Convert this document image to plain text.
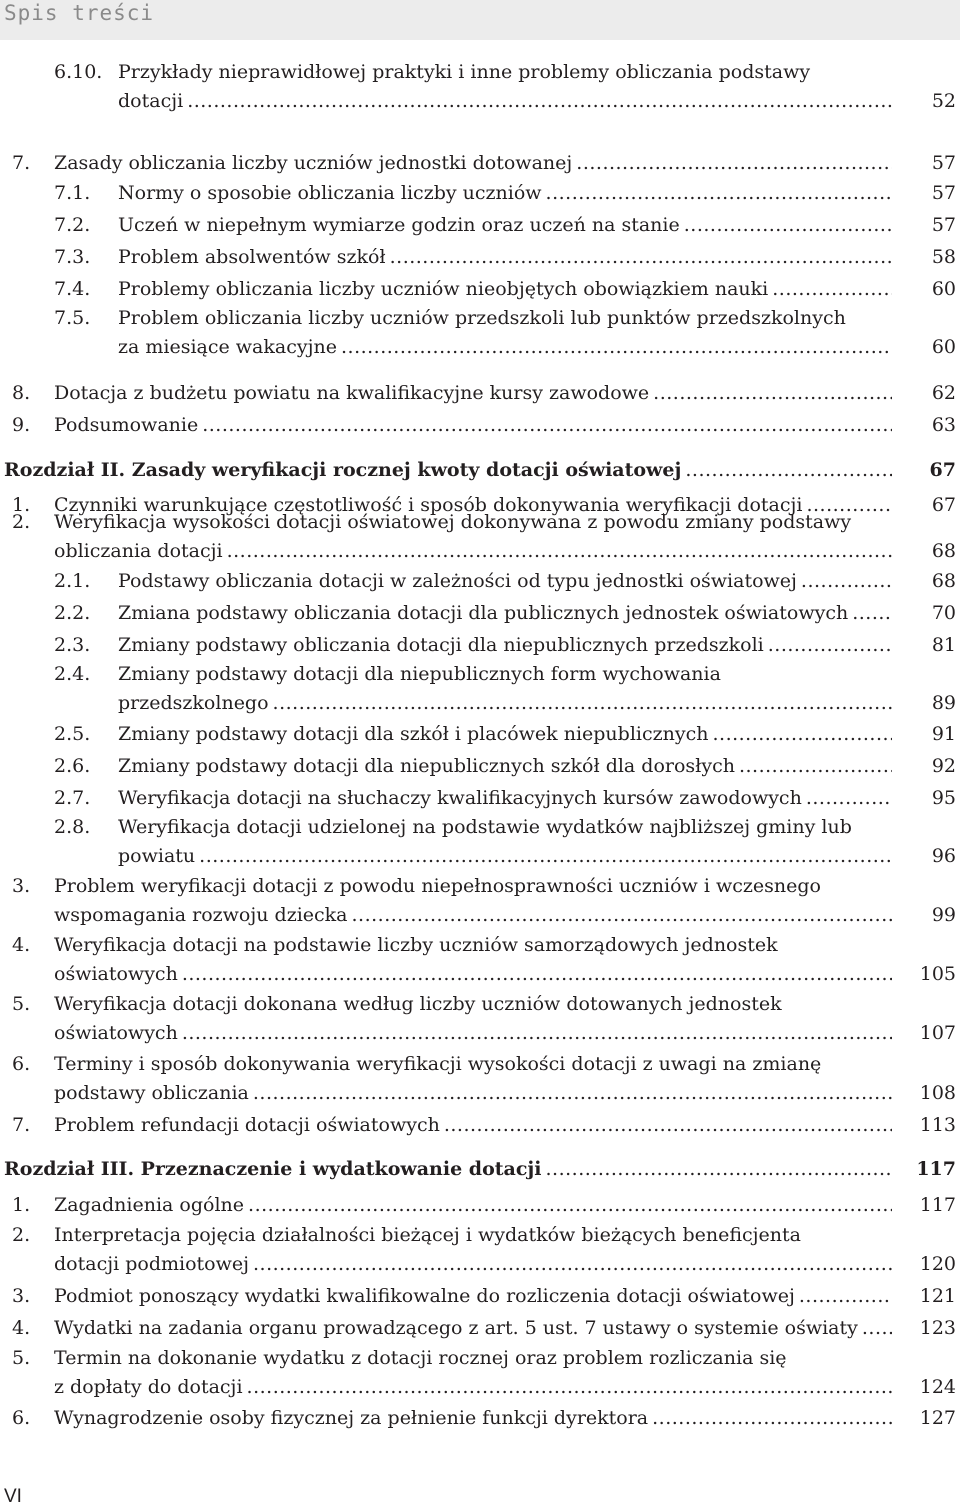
Spis treści
6.10. Przykłady nieprawidłowej praktyki i inne problemy obliczania podstawy
dotacji .....	52
7. Zasady obliczania liczby uczniów jednostki dotowanej .....	57
7.1. Normy o sposobie obliczania liczby uczniów .....	57
7.2. Uczeń w niepełnym wymiarze godzin oraz uczeń na stanie .....	57
7.3. Problem absolwentów szkół .....	58
7.4. Problemy obliczania liczby uczniów nieobjętych obowiązkiem nauki .....	60
7.5. Problem obliczania liczby uczniów przedszkoli lub punktów przedszkolnych
za miesiące wakacyjne .....	60
8. Dotacja z budżetu powiatu na kwalifikacyjne kursy zawodowe .....	62
9. Podsumowanie .....	63
Rozdział II. Zasady weryfikacji rocznej kwoty dotacji oświatowej .....	67
1. Czynniki warunkujące częstotliwość i sposób dokonywania weryfikacji dotacji .....	67
2. Weryfikacja wysokości dotacji oświatowej dokonywana z powodu zmiany podstawy
obliczania dotacji .....	68
2.1. Podstawy obliczania dotacji w zależności od typu jednostki oświatowej .....	68
2.2. Zmiana podstawy obliczania dotacji dla publicznych jednostek oświatowych .....	70
2.3. Zmiany podstawy obliczania dotacji dla niepublicznych przedszkoli .....	81
2.4. Zmiany podstawy dotacji dla niepublicznych form wychowania
przedszkolnego .....	89
2.5. Zmiany podstawy dotacji dla szkół i placówek niepublicznych .....	91
2.6. Zmiany podstawy dotacji dla niepublicznych szkół dla dorosłych .....	92
2.7. Weryfikacja dotacji na słuchaczy kwalifikacyjnych kursów zawodowych .....	95
2.8. Weryfikacja dotacji udzielonej na podstawie wydatków najbliższej gminy lub
powiatu .....	96
3. Problem weryfikacji dotacji z powodu niepełnosprawności uczniów i wczesnego
wspomagania rozwoju dziecka .....	99
4. Weryfikacja dotacji na podstawie liczby uczniów samorządowych jednostek
oświatowych .....	105
5. Weryfikacja dotacji dokonana według liczby uczniów dotowanych jednostek
oświatowych .....	107
6. Terminy i sposób dokonywania weryfikacji wysokości dotacji z uwagi na zmianę
podstawy obliczania .....	108
7. Problem refundacji dotacji oświatowych .....	113
Rozdział III. Przeznaczenie i wydatkowanie dotacji .....	117
1. Zagadnienia ogólne .....	117
2. Interpretacja pojęcia działalności bieżącej i wydatków bieżących beneficjenta
dotacji podmiotowej .....	120
3. Podmiot ponoszący wydatki kwalifikowalne do rozliczenia dotacji oświatowej .....	121
4. Wydatki na zadania organu prowadzącego z art. 5 ust. 7 ustawy o systemie oświaty .....	123
5. Termin na dokonanie wydatku z dotacji rocznej oraz problem rozliczania się
z dopłaty do dotacji .....	124
6. Wynagrodzenie osoby fizycznej za pełnienie funkcji dyrektora .....	127
VI
